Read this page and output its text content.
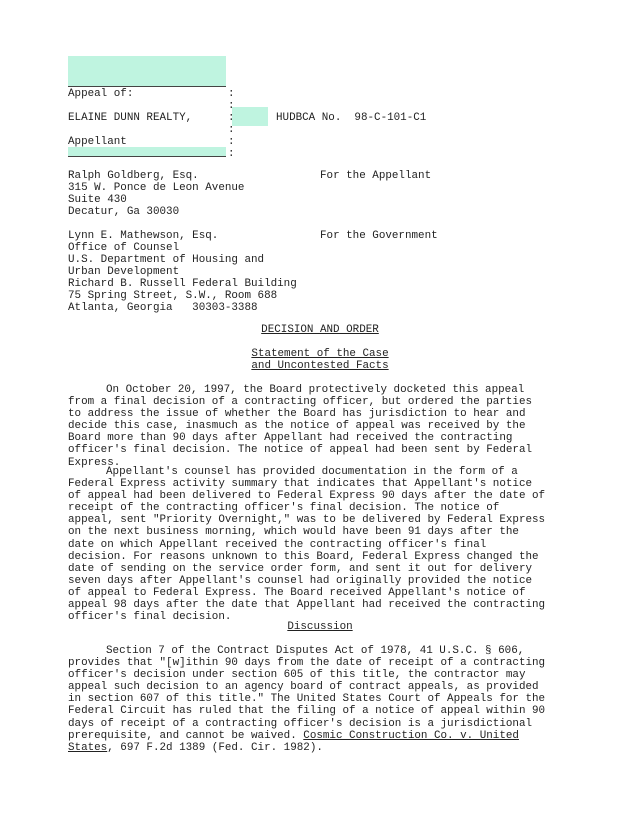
Appeal of:	:
:
ELAINE DUNN REALTY,	:	HUDBCA No.  98-C-101-C1
:
Appellant	:
:
Ralph Goldberg, Esq.	For the Appellant
315 W. Ponce de Leon Avenue
Suite 430
Decatur, Ga 30030
Lynn E. Mathewson, Esq.	For the Government
Office of Counsel
U.S. Department of Housing and
Urban Development
Richard B. Russell Federal Building
75 Spring Street, S.W., Room 688
Atlanta, Georgia   30303-3388
DECISION AND ORDER
Statement of the Case
and Uncontested Facts
On October 20, 1997, the Board protectively docketed this appeal from a final decision of a contracting officer, but ordered the parties to address the issue of whether the Board has jurisdiction to hear and decide this case, inasmuch as the notice of appeal was received by the Board more than 90 days after Appellant had received the contracting officer's final decision. The notice of appeal had been sent by Federal Express.
Appellant's counsel has provided documentation in the form of a Federal Express activity summary that indicates that Appellant's notice of appeal had been delivered to Federal Express 90 days after the date of receipt of the contracting officer's final decision. The notice of appeal, sent "Priority Overnight," was to be delivered by Federal Express on the next business morning, which would have been 91 days after the date on which Appellant received the contracting officer's final decision. For reasons unknown to this Board, Federal Express changed the date of sending on the service order form, and sent it out for delivery seven days after Appellant's counsel had originally provided the notice of appeal to Federal Express. The Board received Appellant's notice of appeal 98 days after the date that Appellant had received the contracting officer's final decision.
Discussion
Section 7 of the Contract Disputes Act of 1978, 41 U.S.C. § 606, provides that "[w]ithin 90 days from the date of receipt of a contracting officer's decision under section 605 of this title, the contractor may appeal such decision to an agency board of contract appeals, as provided in section 607 of this title." The United States Court of Appeals for the Federal Circuit has ruled that the filing of a notice of appeal within 90 days of receipt of a contracting officer's decision is a jurisdictional prerequisite, and cannot be waived. Cosmic Construction Co. v. United States, 697 F.2d 1389 (Fed. Cir. 1982).
